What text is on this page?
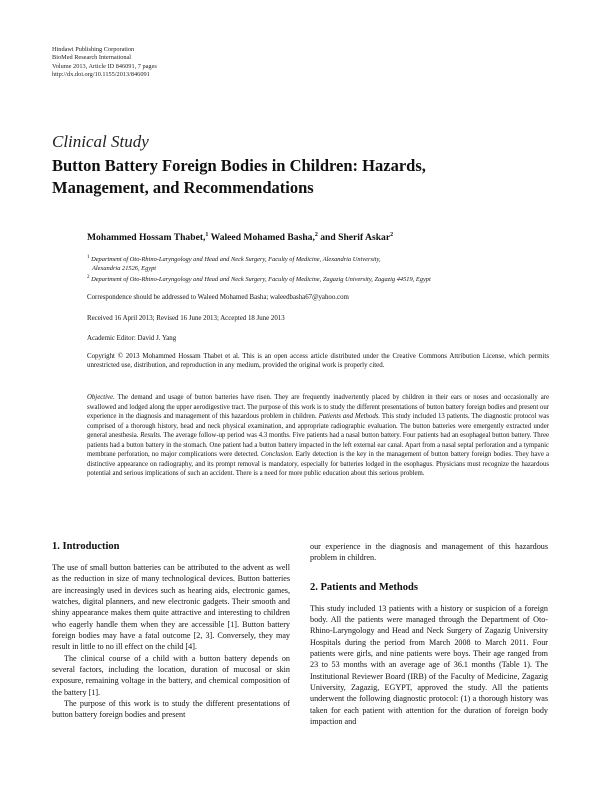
Hindawi Publishing Corporation
BioMed Research International
Volume 2013, Article ID 846091, 7 pages
http://dx.doi.org/10.1155/2013/846091
Clinical Study
Button Battery Foreign Bodies in Children: Hazards, Management, and Recommendations
Mohammed Hossam Thabet,$^1$ Waleed Mohamed Basha,$^2$ and Sherif Askar$^2$
$^1$ Department of Oto-Rhino-Laryngology and Head and Neck Surgery, Faculty of Medicine, Alexandria University,
Alexandria 21526, Egypt
$^2$ Department of Oto-Rhino-Laryngology and Head and Neck Surgery, Faculty of Medicine, Zagazig University, Zagazig 44519, Egypt
Correspondence should be addressed to Waleed Mohamed Basha; waleedbasha67@yahoo.com
Received 16 April 2013; Revised 16 June 2013; Accepted 18 June 2013
Academic Editor: David J. Yang
Copyright © 2013 Mohammed Hossam Thabet et al. This is an open access article distributed under the Creative Commons Attribution License, which permits unrestricted use, distribution, and reproduction in any medium, provided the original work is properly cited.
Objective. The demand and usage of button batteries have risen. They are frequently inadvertently placed by children in their ears or noses and occasionally are swallowed and lodged along the upper aerodigestive tract. The purpose of this work is to study the different presentations of button battery foreign bodies and present our experience in the diagnosis and management of this hazardous problem in children. Patients and Methods. This study included 13 patients. The diagnostic protocol was comprised of a thorough history, head and neck physical examination, and appropriate radiographic evaluation. The button batteries were emergently extracted under general anesthesia. Results. The average follow-up period was 4.3 months. Five patients had a nasal button battery. Four patients had an esophageal button battery. Three patients had a button battery in the stomach. One patient had a button battery impacted in the left external ear canal. Apart from a nasal septal perforation and a tympanic membrane perforation, no major complications were detected. Conclusion. Early detection is the key in the management of button battery foreign bodies. They have a distinctive appearance on radiography, and its prompt removal is mandatory, especially for batteries lodged in the esophagus. Physicians must recognize the hazardous potential and serious implications of such an accident. There is a need for more public education about this serious problem.
1. Introduction

The use of small button batteries can be attributed to the advent as well as the reduction in size of many technological devices. Button batteries are increasingly used in devices such as hearing aids, electronic games, watches, digital planners, and new electronic gadgets. Their smooth and shiny appearance makes them quite attractive and interesting to children who eagerly handle them when they are accessible [1]. Button battery foreign bodies may have a fatal outcome [2, 3]. Conversely, they may result in little to no ill effect on the child [4].

The clinical course of a child with a button battery depends on several factors, including the location, duration of mucosal or skin exposure, remaining voltage in the battery, and chemical composition of the battery [1].

The purpose of this work is to study the different presentations of button battery foreign bodies and present

our experience in the diagnosis and management of this hazardous problem in children.

2. Patients and Methods

This study included 13 patients with a history or suspicion of a foreign body. All the patients were managed through the Department of Oto-Rhino-Laryngology and Head and Neck Surgery of Zagazig University Hospitals during the period from March 2008 to March 2011. Four patients were girls, and nine patients were boys. Their age ranged from 23 to 53 months with an average age of 36.1 months (Table 1). The Institutional Reviewer Board (IRB) of the Faculty of Medicine, Zagazig University, Zagazig, EGYPT, approved the study. All the patients underwent the following diagnostic protocol: (1) a thorough history was taken for each patient with attention for the duration of foreign body impaction and
